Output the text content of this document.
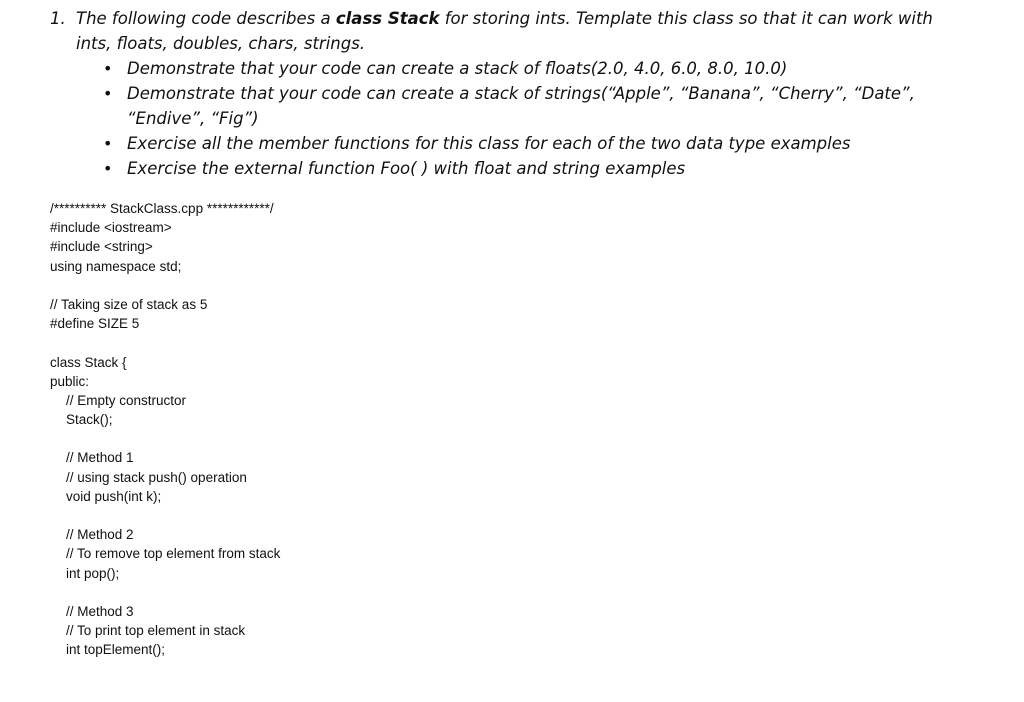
1. The following code describes a class Stack for storing ints. Template this class so that it can work with
ints, floats, doubles, chars, strings.
•
Demonstrate that your code can create a stack of floats(2.0, 4.0, 6.0, 8.0, 10.0)
•
Demonstrate that your code can create a stack of strings(“Apple”, “Banana”, “Cherry”, “Date”,
“Endive”, “Fig”)
•
Exercise all the member functions for this class for each of the two data type examples
•
Exercise the external function Foo( ) with float and string examples
/********** StackClass.cpp ************/
#include <iostream>
#include <string>
using namespace std;
// Taking size of stack as 5
#define SIZE 5
class Stack {
public:
// Empty constructor
Stack();
// Method 1
// using stack push() operation
void push(int k);
// Method 2
// To remove top element from stack
int pop();
// Method 3
// To print top element in stack
int topElement();
